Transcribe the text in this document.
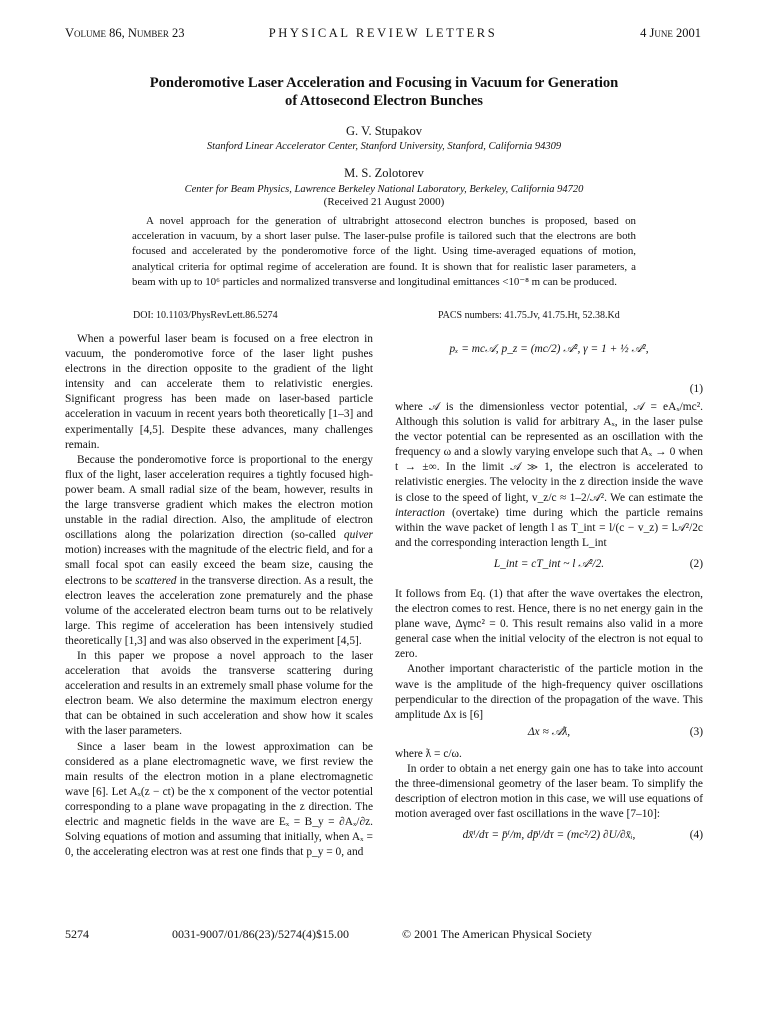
Volume 86, Number 23	PHYSICAL REVIEW LETTERS	4 June 2001
Ponderomotive Laser Acceleration and Focusing in Vacuum for Generation
of Attosecond Electron Bunches
G. V. Stupakov
Stanford Linear Accelerator Center, Stanford University, Stanford, California 94309
M. S. Zolotorev
Center for Beam Physics, Lawrence Berkeley National Laboratory, Berkeley, California 94720
(Received 21 August 2000)
A novel approach for the generation of ultrabright attosecond electron bunches is proposed, based on acceleration in vacuum, by a short laser pulse. The laser-pulse profile is tailored such that the electrons are both focused and accelerated by the ponderomotive force of the light. Using time-averaged equations of motion, analytical criteria for optimal regime of acceleration are found. It is shown that for realistic laser parameters, a beam with up to 10⁶ particles and normalized transverse and longitudinal emittances <10⁻⁸ m can be produced.
DOI: 10.1103/PhysRevLett.86.5274	PACS numbers: 41.75.Jv, 41.75.Ht, 52.38.Kd

When a powerful laser beam is focused on a free electron in vacuum, the ponderomotive force of the laser light pushes electrons in the direction opposite to the gradient of the light intensity and can accelerate them to relativistic energies. Significant progress has been made on laser-based particle acceleration in vacuum in recent years both theoretically [1–3] and experimentally [4,5]. Despite these advances, many challenges remain.

Because the ponderomotive force is proportional to the energy flux of the light, laser acceleration requires a tightly focused high-power beam. A small radial size of the beam, however, results in the large transverse gradient which makes the electron motion unstable in the radial direction. Also, the amplitude of electron oscillations along the polarization direction (so-called quiver motion) increases with the magnitude of the electric field, and for a small focal spot can easily exceed the beam size, causing the electrons to be scattered in the transverse direction. As a result, the electron leaves the acceleration zone prematurely and the phase volume of the accelerated electron beam turns out to be relatively large. This regime of acceleration has been intensively studied theoretically [1,3] and was also observed in the experiment [4,5].

In this paper we propose a novel approach to the laser acceleration that avoids the transverse scattering during acceleration and results in an extremely small phase volume for the electron beam. We also determine the maximum electron energy that can be obtained in such acceleration and show how it scales with the laser parameters.

Since a laser beam in the lowest approximation can be considered as a plane electromagnetic wave, we first review the main results of the electron motion in a plane electromagnetic wave [6]. Let Aₓ(z − ct) be the x component of the vector potential corresponding to a plane wave propagating in the z direction. The electric and magnetic fields in the wave are Eₓ = B_y = ∂Aₓ/∂z. Solving equations of motion and assuming that initially, when Aₓ = 0, the accelerating electron was at rest one finds that p_y = 0, and

pₓ = mc𝒜, p_z = (mc/2) 𝒜², γ = 1 + ½ 𝒜²,
(1)

where 𝒜 is the dimensionless vector potential, 𝒜 = eAₓ/mc². Although this solution is valid for arbitrary Aₓ, in the laser pulse the vector potential can be represented as an oscillation with the frequency ω and a slowly varying envelope such that Aₓ → 0 when t → ±∞. In the limit 𝒜 ≫ 1, the electron is accelerated to relativistic energies. The velocity in the z direction inside the wave is close to the speed of light, v_z/c ≈ 1–2/𝒜². We can estimate the interaction (overtake) time during which the particle remains within the wave packet of length l as T_int = l/(c − v_z) = l𝒜²/2c and the corresponding interaction length L_int

L_int = cT_int ~ l 𝒜²/2.	(2)

It follows from Eq. (1) that after the wave overtakes the electron, the electron comes to rest. Hence, there is no net energy gain in the plane wave, Δγmc² = 0. This result remains also valid in a more general case when the initial velocity of the electron is not equal to zero.

Another important characteristic of the particle motion in the wave is the amplitude of the high-frequency quiver oscillations perpendicular to the direction of the propagation of the wave. This amplitude Δx is [6]

Δx ≈ 𝒜ƛ,	(3)

where ƛ = c/ω.

In order to obtain a net energy gain one has to take into account the three-dimensional geometry of the laser beam. To simplify the description of electron motion in this case, we will use equations of motion averaged over fast oscillations in the wave [7–10]:

dx̄ⁱ/dτ = p̄ⁱ/m, dp̄ⁱ/dτ = (mc²/2) ∂U/∂x̄ᵢ,	(4)
5274	0031-9007/01/86(23)/5274(4)$15.00	© 2001 The American Physical Society
